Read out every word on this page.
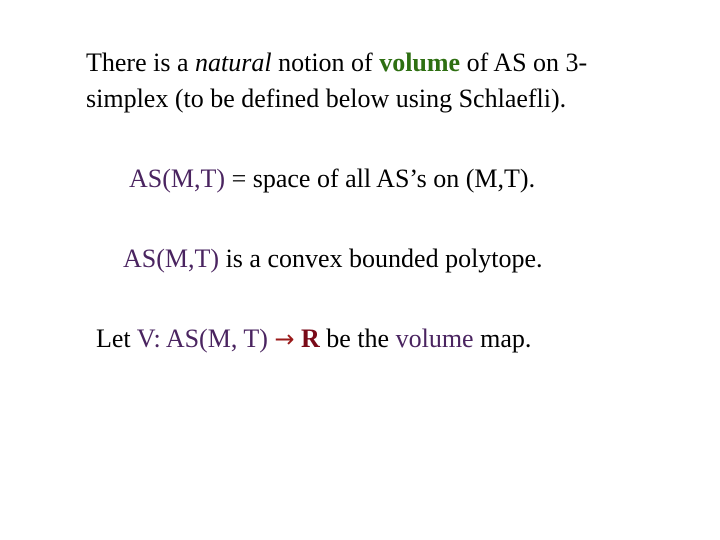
There is a natural notion of volume of AS on 3-
simplex (to be defined below using Schlaefli).
AS(M,T) = space of all AS’s on (M,T).
AS(M,T) is a convex bounded polytope.
Let V: AS(M, T) → R be the volume map.
